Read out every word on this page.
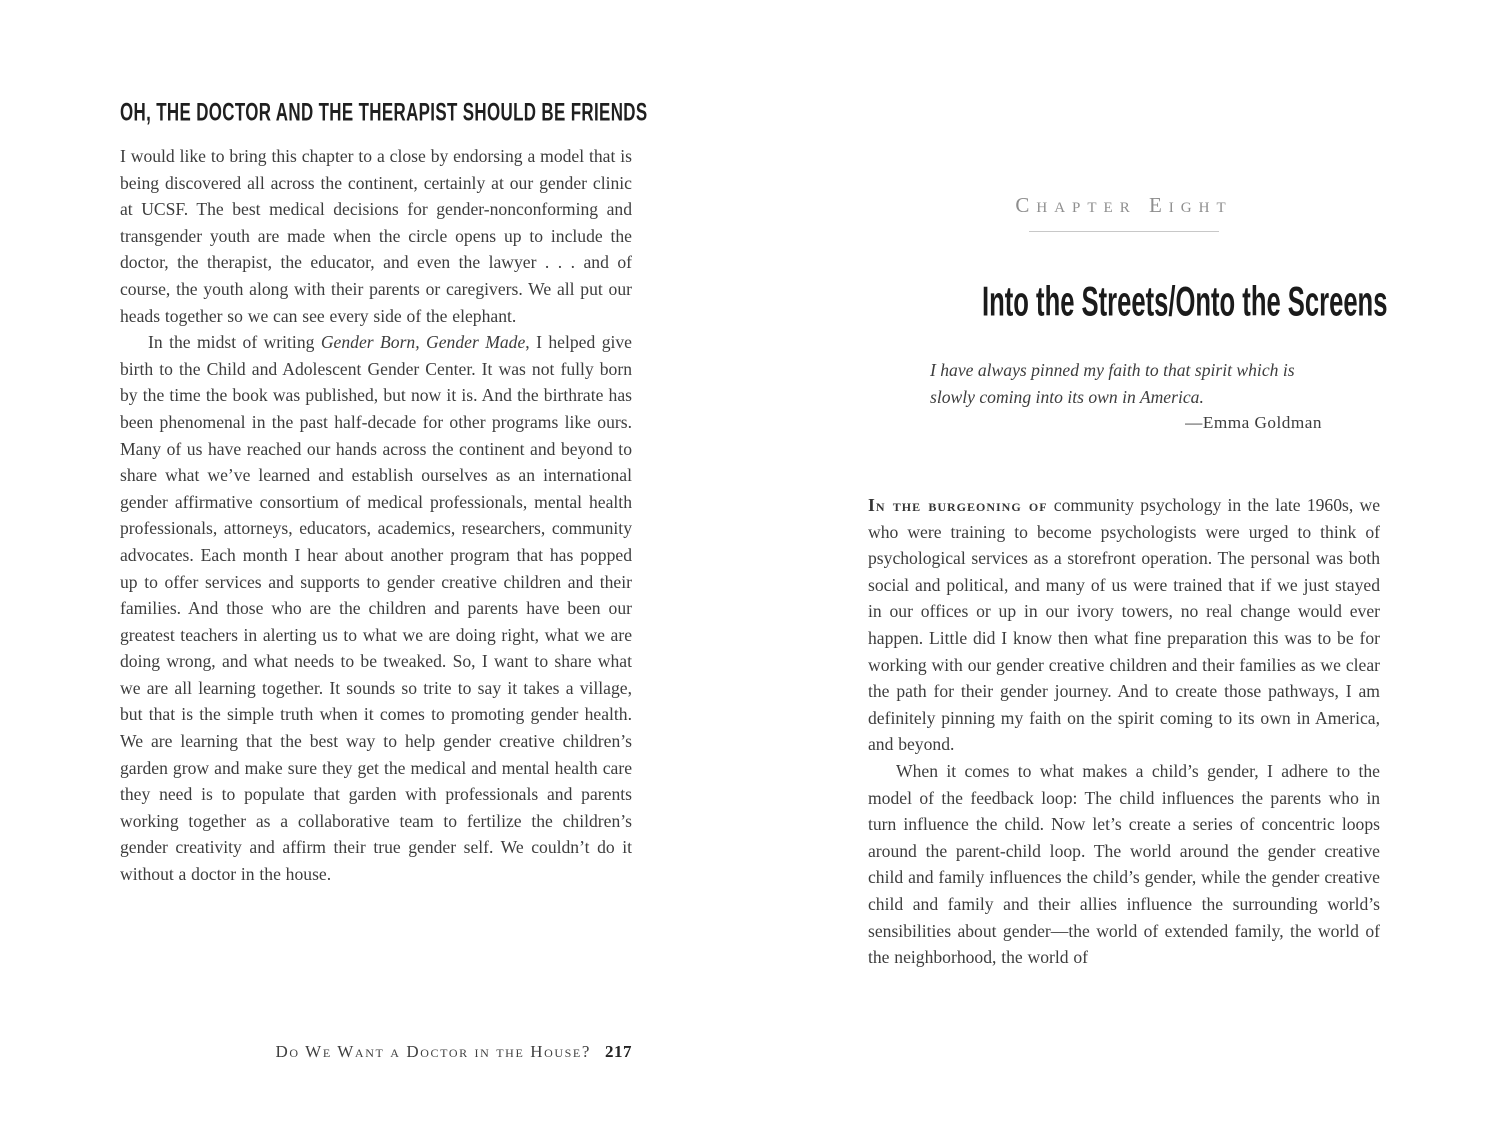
OH, THE DOCTOR AND THE THERAPIST SHOULD BE FRIENDS

I would like to bring this chapter to a close by endorsing a model that is being discovered all across the continent, certainly at our gender clinic at UCSF. The best medical decisions for gender-nonconforming and transgender youth are made when the circle opens up to include the doctor, the therapist, the educator, and even the lawyer . . . and of course, the youth along with their parents or caregivers. We all put our heads together so we can see every side of the elephant.

In the midst of writing Gender Born, Gender Made, I helped give birth to the Child and Adolescent Gender Center. It was not fully born by the time the book was published, but now it is. And the birthrate has been phenomenal in the past half-decade for other programs like ours. Many of us have reached our hands across the continent and beyond to share what we’ve learned and establish ourselves as an international gender affirmative consortium of medical professionals, mental health professionals, attorneys, educators, academics, researchers, community advocates. Each month I hear about another program that has popped up to offer services and supports to gender creative children and their families. And those who are the children and parents have been our greatest teachers in alerting us to what we are doing right, what we are doing wrong, and what needs to be tweaked. So, I want to share what we are all learning together. It sounds so trite to say it takes a village, but that is the simple truth when it comes to promoting gender health. We are learning that the best way to help gender creative children’s garden grow and make sure they get the medical and mental health care they need is to populate that garden with professionals and parents working together as a collaborative team to fertilize the children’s gender creativity and affirm their true gender self. We couldn’t do it without a doctor in the house.

Do We Want a Doctor in the House? 217
Chapter Eight
Into the Streets/Onto the Screens
I have always pinned my faith to that spirit which is
slowly coming into its own in America.
—Emma Goldman

In the burgeoning of community psychology in the late 1960s, we who were training to become psychologists were urged to think of psychological services as a storefront operation. The personal was both social and political, and many of us were trained that if we just stayed in our offices or up in our ivory towers, no real change would ever happen. Little did I know then what fine preparation this was to be for working with our gender creative children and their families as we clear the path for their gender journey. And to create those pathways, I am definitely pinning my faith on the spirit coming to its own in America, and beyond.

When it comes to what makes a child’s gender, I adhere to the model of the feedback loop: The child influences the parents who in turn influence the child. Now let’s create a series of concentric loops around the parent-child loop. The world around the gender creative child and family influences the child’s gender, while the gender creative child and family and their allies influence the surrounding world’s sensibilities about gender—the world of extended family, the world of the neighborhood, the world of
